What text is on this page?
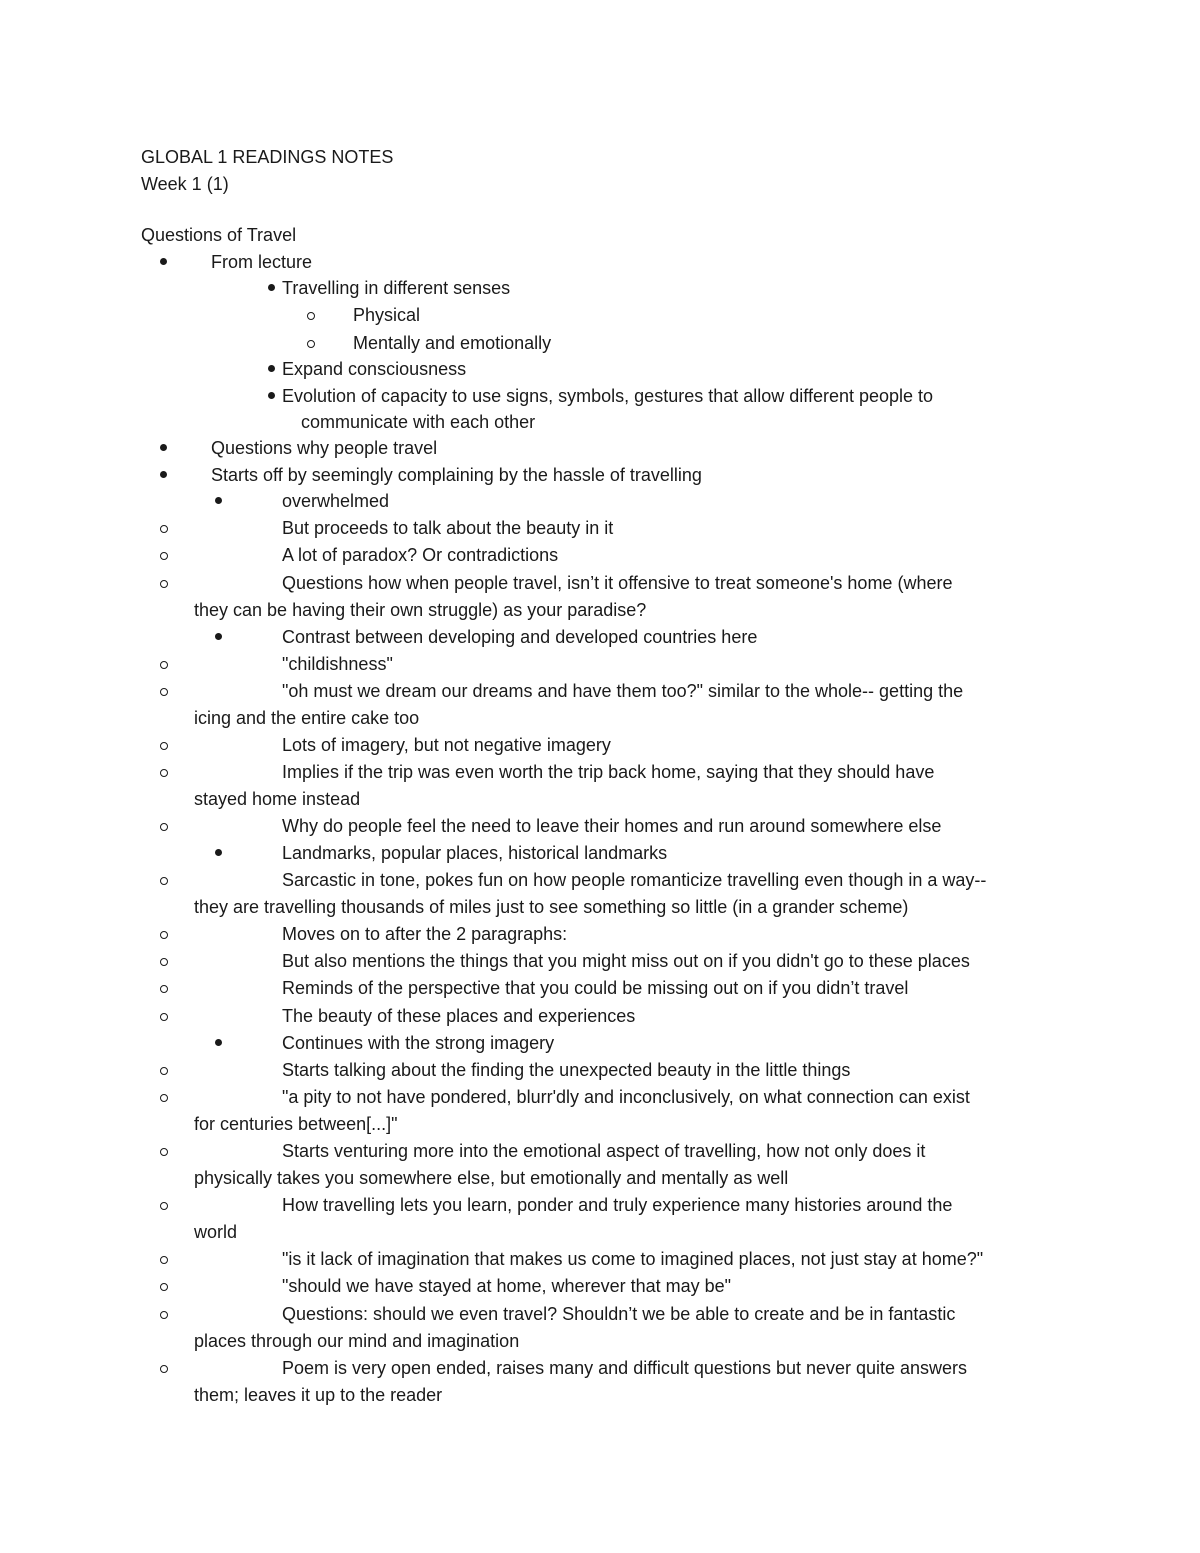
GLOBAL 1 READINGS NOTES
Week 1 (1)
Questions of Travel
From lecture
Travelling in different senses
Physical
Mentally and emotionally
Expand consciousness
Evolution of capacity to use signs, symbols, gestures that allow different people to
communicate with each other
Questions why people travel
Starts off by seemingly complaining by the hassle of travelling
overwhelmed
But proceeds to talk about the beauty in it
A lot of paradox? Or contradictions
Questions how when people travel, isn’t it offensive to treat someone's home (where
they can be having their own struggle) as your paradise?
Contrast between developing and developed countries here
"childishness"
"oh must we dream our dreams and have them too?" similar to the whole-- getting the
icing and the entire cake too
Lots of imagery, but not negative imagery
Implies if the trip was even worth the trip back home, saying that they should have
stayed home instead
Why do people feel the need to leave their homes and run around somewhere else
Landmarks, popular places, historical landmarks
Sarcastic in tone, pokes fun on how people romanticize travelling even though in a way--
they are travelling thousands of miles just to see something so little (in a grander scheme)
Moves on to after the 2 paragraphs:
But also mentions the things that you might miss out on if you didn't go to these places
Reminds of the perspective that you could be missing out on if you didn’t travel
The beauty of these places and experiences
Continues with the strong imagery
Starts talking about the finding the unexpected beauty in the little things
"a pity to not have pondered, blurr'dly and inconclusively, on what connection can exist
for centuries between[...]"
Starts venturing more into the emotional aspect of travelling, how not only does it
physically takes you somewhere else, but emotionally and mentally as well
How travelling lets you learn, ponder and truly experience many histories around the
world
"is it lack of imagination that makes us come to imagined places, not just stay at home?"
"should we have stayed at home, wherever that may be"
Questions: should we even travel? Shouldn’t we be able to create and be in fantastic
places through our mind and imagination
Poem is very open ended, raises many and difficult questions but never quite answers
them; leaves it up to the reader
